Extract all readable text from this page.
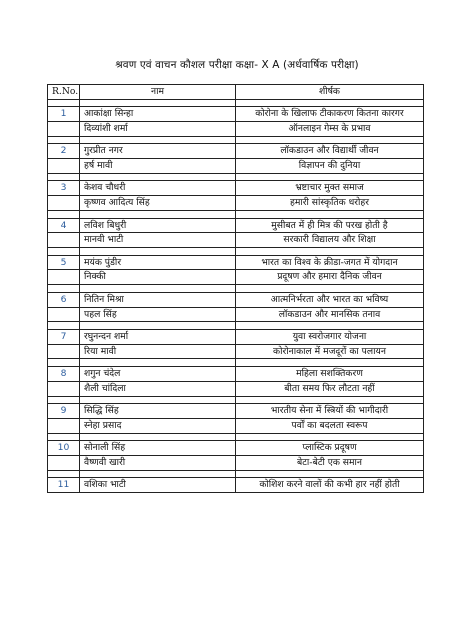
श्रवण एवं वाचन कौशल परीक्षा कक्षा- X A (अर्धवार्षिक परीक्षा)
R.No.	नाम	शीर्षक

1	आकांक्षा सिन्हा	कोरोना के खिलाफ टीकाकरण कितना कारगर
	दिव्यांशी शर्मा	ऑनलाइन गेम्स के प्रभाव

2	गुरप्रीत नगर	लॉकडाउन और विद्यार्थी जीवन
	हर्ष मावी	विज्ञापन की दुनिया

3	केशव चौधरी	भ्रष्टाचार मुक्त समाज
	कृष्णव आदित्य सिंह	हमारी सांस्कृतिक धरोहर

4	लविश बिधुरी	मुसीबत में ही मित्र की परख होती है
	मानवी भाटी	सरकारी विद्यालय और शिक्षा

5	मयंक पुंडीर	भारत का विश्व के क्रीडा-जगत में योगदान
	निक्की	प्रदूषण और हमारा दैनिक जीवन

6	नितिन मिश्रा	आत्मनिर्भरता और भारत का भविष्य
	पहल सिंह	लॉकडाउन और मानसिक तनाव

7	रघुनन्दन शर्मा	युवा स्वरोजगार योजना
	रिया मावी	कोरोनाकाल में मजदूरों का पलायन

8	शगुन चंदेल	महिला सशक्तिकरण
	शैली चांदिला	बीता समय फिर लौटता नहीं

9	सिद्धि सिंह	भारतीय सेना में स्त्रियों की भागीदारी
	स्नेहा प्रसाद	पर्वों का बदलता स्वरूप

10	सोनाली सिंह	प्लास्टिक प्रदूषण
	वैष्णवी खारी	बेटा-बेटी एक समान

11	वशिका भाटी	कोशिश करने वालों की कभी हार नहीं होती
